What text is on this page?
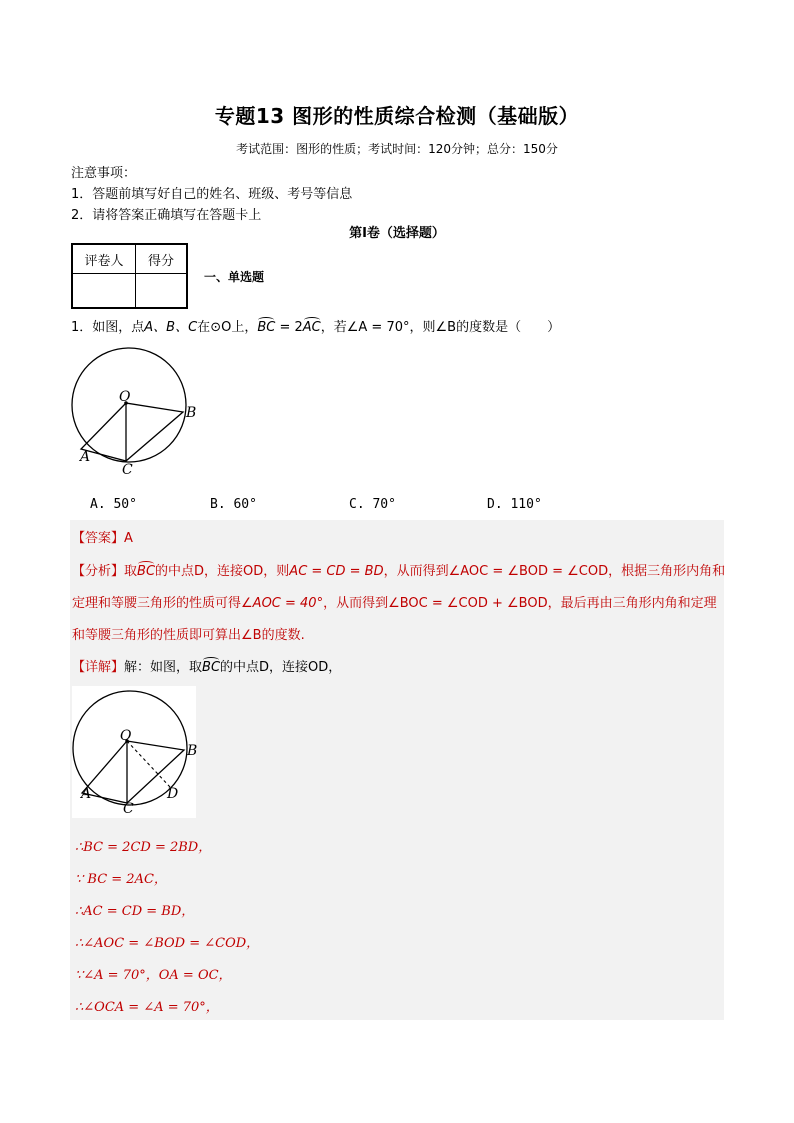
专题13 图形的性质综合检测（基础版）
考试范围：图形的性质；考试时间：120分钟；总分：150分
注意事项：
1．答题前填写好自己的姓名、班级、考号等信息
2．请将答案正确填写在答题卡上
第I卷（选择题）
评卷人	得分

一、单选题
1．如图，点A、B、C在⊙O上，BC = 2AC，若∠A = 70°，则∠B的度数是（　　）
O
B
A
C
A. 50°	B. 60°	C. 70°	D. 110°
【答案】A
【分析】取BC的中点D，连接OD，则AC = CD = BD，从而得到∠AOC = ∠BOD = ∠COD，根据三角形内角和
定理和等腰三角形的性质可得∠AOC = 40°，从而得到∠BOC = ∠COD + ∠BOD，最后再由三角形内角和定理
和等腰三角形的性质即可算出∠B的度数.
【详解】解：如图，取BC的中点D，连接OD，
O
B
A
C
D
∴BC = 2CD = 2BD，
∵ BC = 2AC，
∴AC = CD = BD，
∴∠AOC = ∠BOD = ∠COD，
∵∠A = 70°，OA = OC，
∴∠OCA = ∠A = 70°，
